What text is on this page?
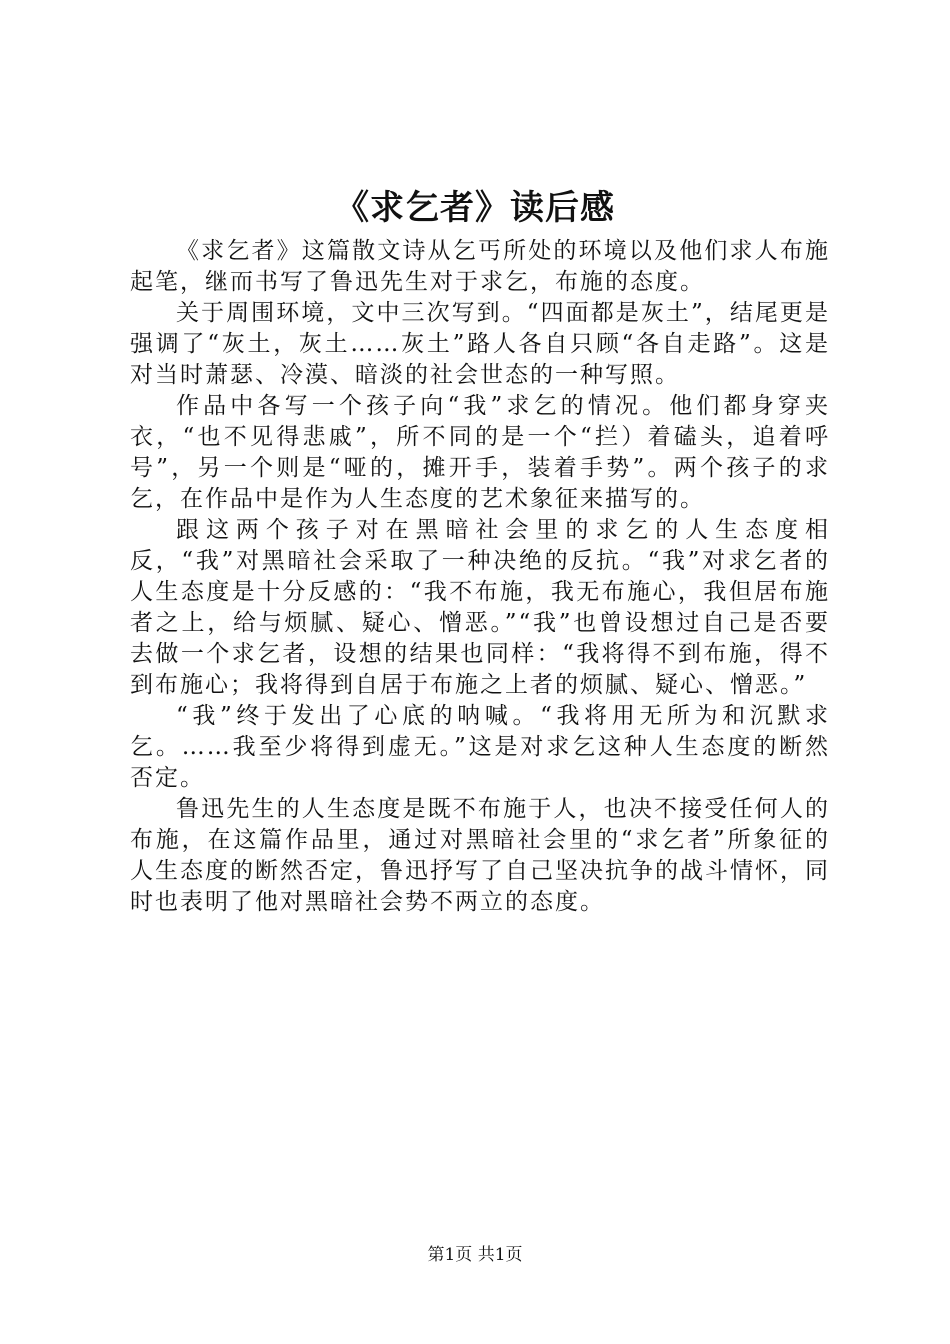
《求乞者》读后感

《求乞者》这篇散文诗从乞丐所处的环境以及他们求人布施起笔，继而书写了鲁迅先生对于求乞，布施的态度。

关于周围环境，文中三次写到。“四面都是灰土”，结尾更是强调了“灰土，灰土……灰土”路人各自只顾“各自走路”。这是对当时萧瑟、冷漠、暗淡的社会世态的一种写照。

作品中各写一个孩子向“我”求乞的情况。他们都身穿夹衣，“也不见得悲戚”，所不同的是一个“拦）着磕头，追着呼号”，另一个则是“哑的，摊开手，装着手势”。两个孩子的求乞，在作品中是作为人生态度的艺术象征来描写的。

跟这两个孩子对在黑暗社会里的求乞的人生态度相反，“我”对黑暗社会采取了一种决绝的反抗。“我”对求乞者的人生态度是十分反感的：“我不布施，我无布施心，我但居布施者之上，给与烦腻、疑心、憎恶。”“我”也曾设想过自己是否要去做一个求乞者，设想的结果也同样：“我将得不到布施，得不到布施心；我将得到自居于布施之上者的烦腻、疑心、憎恶。”

“我”终于发出了心底的呐喊。“我将用无所为和沉默求乞。……我至少将得到虚无。”这是对求乞这种人生态度的断然否定。

鲁迅先生的人生态度是既不布施于人，也决不接受任何人的布施，在这篇作品里，通过对黑暗社会里的“求乞者”所象征的人生态度的断然否定，鲁迅抒写了自己坚决抗争的战斗情怀，同时也表明了他对黑暗社会势不两立的态度。

第1页 共1页
